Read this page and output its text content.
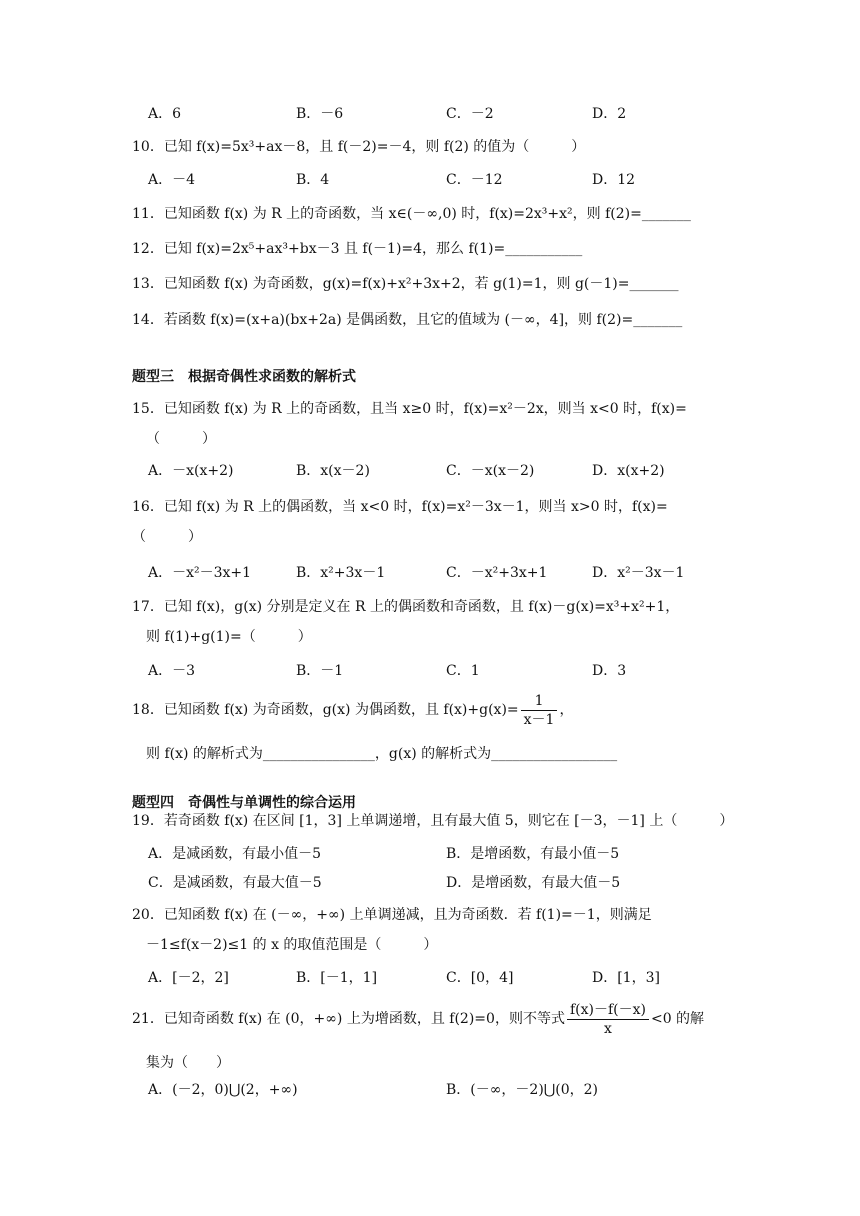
A．6	B．－6	C．－2	D．2
10．已知 f(x)=5x³+ax－8，且 f(－2)=－4，则 f(2) 的值为（　　　）
A．－4	B．4	C．－12	D．12
11．已知函数 f(x) 为 R 上的奇函数，当 x∈(－∞,0) 时，f(x)=2x³+x²，则 f(2)=_______
12．已知 f(x)=2x⁵+ax³+bx－3 且 f(－1)=4，那么 f(1)=___________
13．已知函数 f(x) 为奇函数，g(x)=f(x)+x²+3x+2，若 g(1)=1，则 g(－1)=_______
14．若函数 f(x)=(x+a)(bx+2a) 是偶函数，且它的值域为 (－∞，4]，则 f(2)=_______
题型三　根据奇偶性求函数的解析式
15．已知函数 f(x) 为 R 上的奇函数，且当 x≥0 时，f(x)=x²－2x，则当 x<0 时，f(x)=
（　　　）
A．－x(x+2)	B．x(x－2)	C．－x(x－2)	D．x(x+2)
16．已知 f(x) 为 R 上的偶函数，当 x<0 时，f(x)=x²－3x－1，则当 x>0 时，f(x)=
（　　　）
A．－x²－3x+1	B．x²+3x－1	C．－x²+3x+1	D．x²－3x－1
17．已知 f(x)，g(x) 分别是定义在 R 上的偶函数和奇函数，且 f(x)－g(x)=x³+x²+1，
则 f(1)+g(1)=（　　　）
A．－3	B．－1	C．1	D．3
18．已知函数 f(x) 为奇函数，g(x) 为偶函数，且 $f(x)+g(x)= \frac{1}{x-1}$ ，
则 f(x) 的解析式为________________，g(x) 的解析式为__________________
题型四　奇偶性与单调性的综合运用
19．若奇函数 f(x) 在区间 [1，3] 上单调递增，且有最大值 5，则它在 [－3，－1] 上（　　　）
A．是减函数，有最小值－5	B．是增函数，有最小值－5
C．是减函数，有最大值－5	D．是增函数，有最大值－5
20．已知函数 f(x) 在 (－∞，+∞) 上单调递减，且为奇函数．若 f(1)=－1，则满足
－1≤f(x－2)≤1 的 x 的取值范围是（　　　）
A．[－2，2]	B．[－1，1]	C．[0，4]	D．[1，3]
21．已知奇函数 f(x) 在 (0，+∞) 上为增函数，且 f(2)=0，则不等式 $\frac{f(x)-f(-x)}{x} <0$ 的解
集为（　　）
A．(－2，0)⋃(2，+∞)	B．(－∞，－2)⋃(0，2)
